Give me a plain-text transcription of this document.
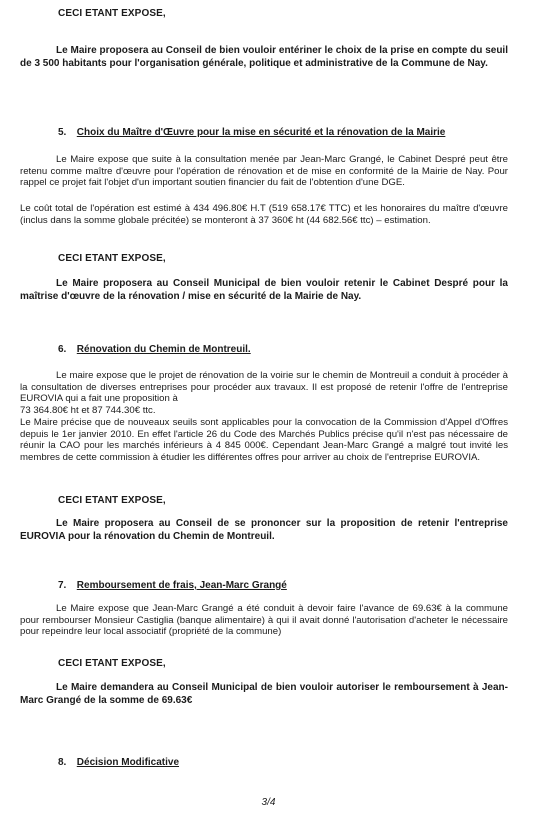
CECI ETANT EXPOSE,
Le Maire proposera au Conseil de bien vouloir entériner le choix de la prise en compte du seuil de 3 500 habitants pour l'organisation générale, politique et administrative de la Commune de Nay.
5. Choix du Maître d'Œuvre pour la mise en sécurité et la rénovation de la Mairie
Le Maire expose que suite à la consultation menée par Jean-Marc Grangé, le Cabinet Despré peut être retenu comme maître d'œuvre pour l'opération de rénovation et de mise en conformité de la Mairie de Nay. Pour rappel ce projet fait l'objet d'un important soutien financier du fait de l'obtention d'une DGE.
Le coût total de l'opération est estimé à 434 496.80€ H.T (519 658.17€ TTC) et les honoraires du maître d'œuvre (inclus dans la somme globale précitée) se monteront à 37 360€ ht (44 682.56€ ttc) – estimation.
CECI ETANT EXPOSE,
Le Maire proposera au Conseil Municipal de bien vouloir retenir le Cabinet Despré pour la maîtrise d'œuvre de la rénovation / mise en sécurité de la Mairie de Nay.
6. Rénovation du Chemin de Montreuil.
Le maire expose que le projet de rénovation de la voirie sur le chemin de Montreuil a conduit à procéder à la consultation de diverses entreprises pour procéder aux travaux. Il est proposé de retenir l'offre de l'entreprise EUROVIA qui a fait une proposition à
73 364.80€ ht et 87 744.30€ ttc.
Le Maire précise que de nouveaux seuils sont applicables pour la convocation de la Commission d'Appel d'Offres depuis le 1er janvier 2010. En effet l'article 26 du Code des Marchés Publics précise qu'il n'est pas nécessaire de réunir la CAO pour les marchés inférieurs à 4 845 000€. Cependant Jean-Marc Grangé a malgré tout invité les membres de cette commission à étudier les différentes offres pour arriver au choix de l'entreprise EUROVIA.
CECI ETANT EXPOSE,
Le Maire proposera au Conseil de se prononcer sur la proposition de retenir l'entreprise EUROVIA pour la rénovation du Chemin de Montreuil.
7. Remboursement de frais, Jean-Marc Grangé
Le Maire expose que Jean-Marc Grangé a été conduit à devoir faire l'avance de 69.63€ à la commune pour rembourser Monsieur Castiglia (banque alimentaire) à qui il avait donné l'autorisation d'acheter le nécessaire pour repeindre leur local associatif (propriété de la commune)
CECI ETANT EXPOSE,
Le Maire demandera au Conseil Municipal de bien vouloir autoriser le remboursement à Jean-Marc Grangé de la somme de 69.63€
8. Décision Modificative
3/4
